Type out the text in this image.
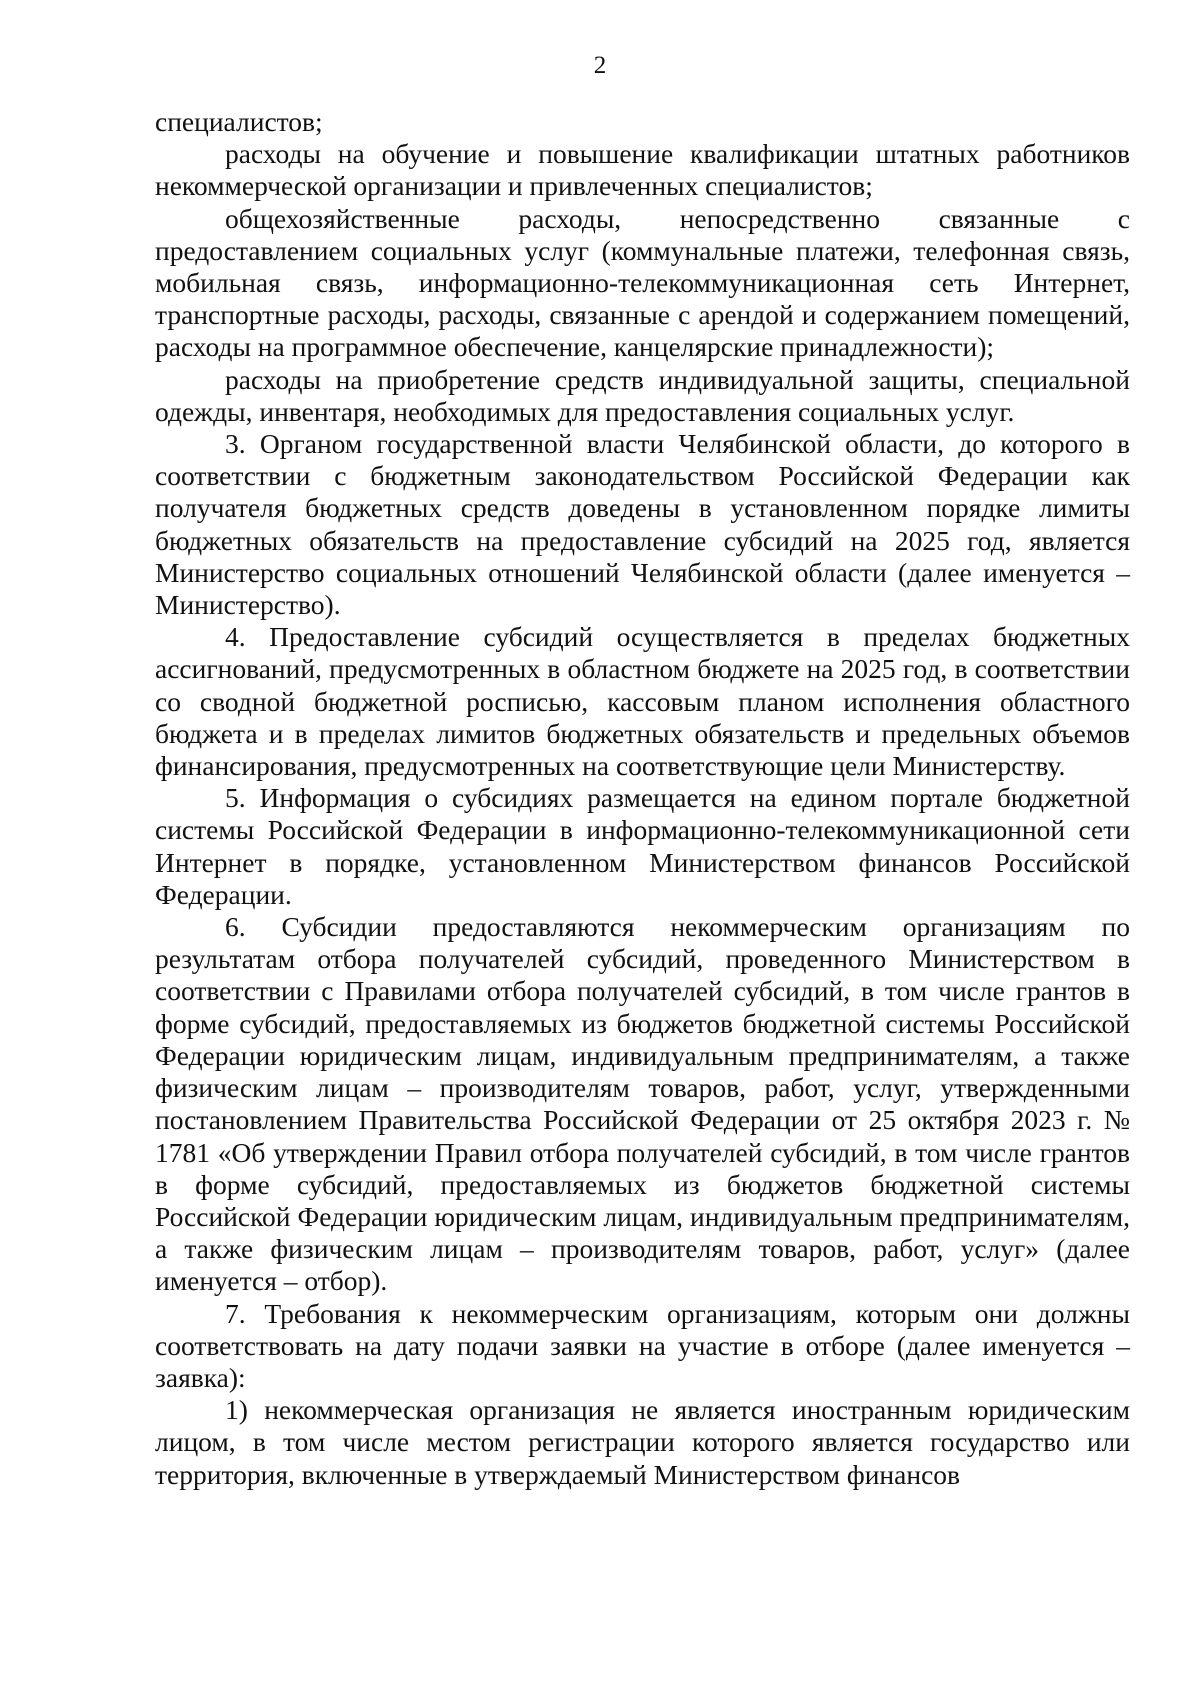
2

специалистов;

расходы на обучение и повышение квалификации штатных работников некоммерческой организации и привлеченных специалистов;

общехозяйственные расходы, непосредственно связанные с предоставлением социальных услуг (коммунальные платежи, телефонная связь, мобильная связь, информационно-телекоммуникационная сеть Интернет, транспортные расходы, расходы, связанные с арендой и содержанием помещений, расходы на программное обеспечение, канцелярские принадлежности);

расходы на приобретение средств индивидуальной защиты, специальной одежды, инвентаря, необходимых для предоставления социальных услуг.

3. Органом государственной власти Челябинской области, до которого в соответствии с бюджетным законодательством Российской Федерации как получателя бюджетных средств доведены в установленном порядке лимиты бюджетных обязательств на предоставление субсидий на 2025 год, является Министерство социальных отношений Челябинской области (далее именуется – Министерство).

4. Предоставление субсидий осуществляется в пределах бюджетных ассигнований, предусмотренных в областном бюджете на 2025 год, в соответствии со сводной бюджетной росписью, кассовым планом исполнения областного бюджета и в пределах лимитов бюджетных обязательств и предельных объемов финансирования, предусмотренных на соответствующие цели Министерству.

5. Информация о субсидиях размещается на едином портале бюджетной системы Российской Федерации в информационно-телекоммуникационной сети Интернет в порядке, установленном Министерством финансов Российской Федерации.

6. Субсидии предоставляются некоммерческим организациям по результатам отбора получателей субсидий, проведенного Министерством в соответствии с Правилами отбора получателей субсидий, в том числе грантов в форме субсидий, предоставляемых из бюджетов бюджетной системы Российской Федерации юридическим лицам, индивидуальным предпринимателям, а также физическим лицам – производителям товаров, работ, услуг, утвержденными постановлением Правительства Российской Федерации от 25 октября 2023 г. № 1781 «Об утверждении Правил отбора получателей субсидий, в том числе грантов в форме субсидий, предоставляемых из бюджетов бюджетной системы Российской Федерации юридическим лицам, индивидуальным предпринимателям, а также физическим лицам – производителям товаров, работ, услуг» (далее именуется – отбор).

7. Требования к некоммерческим организациям, которым они должны соответствовать на дату подачи заявки на участие в отборе (далее именуется – заявка):

1) некоммерческая организация не является иностранным юридическим лицом, в том числе местом регистрации которого является государство или территория, включенные в утверждаемый Министерством финансов
